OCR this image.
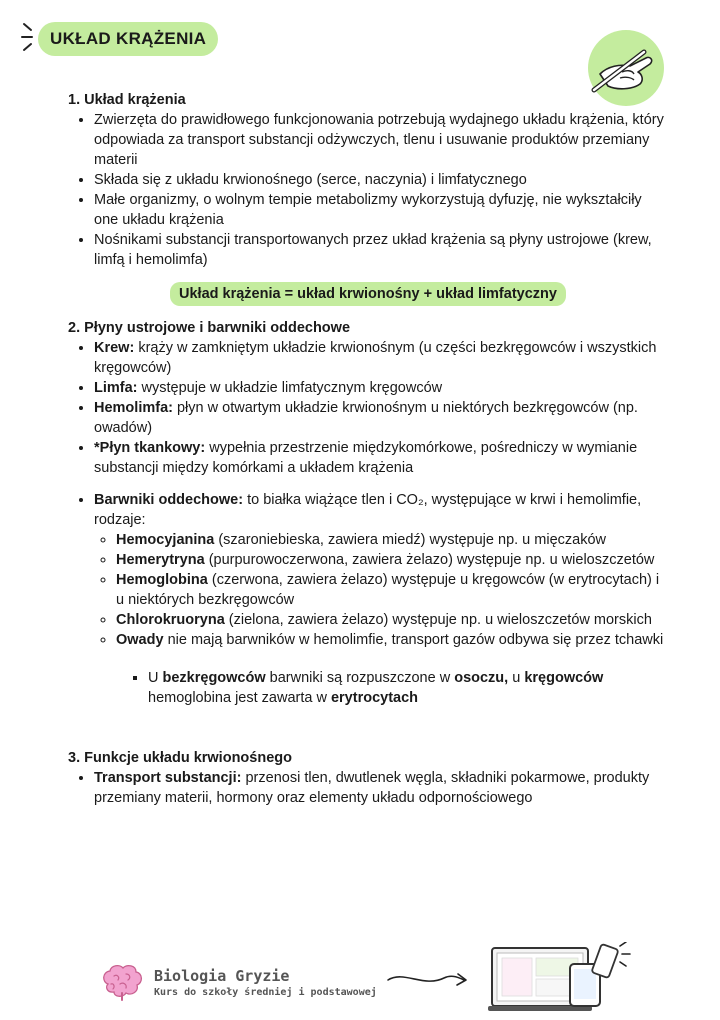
UKŁAD KRĄŻENIA

1. Układ krążenia

• Zwierzęta do prawidłowego funkcjonowania potrzebują wydajnego układu krążenia, który odpowiada za transport substancji odżywczych, tlenu i usuwanie produktów przemiany materii
• Składa się z układu krwionośnego (serce, naczynia) i limfatycznego
• Małe organizmy, o wolnym tempie metabolizmy wykorzystują dyfuzję, nie wykształciły one układu krążenia
• Nośnikami substancji transportowanych przez układ krążenia są płyny ustrojowe (krew, limfą i hemolimfa)
Układ krążenia = układ krwionośny + układ limfatyczny

2. Płyny ustrojowe i barwniki oddechowe

• Krew: krąży w zamkniętym układzie krwionośnym (u części bezkręgowców i wszystkich kręgowców)
• Limfa: występuje w układzie limfatycznym kręgowców
• Hemolimfa: płyn w otwartym układzie krwionośnym u niektórych bezkręgowców (np. owadów)
• *Płyn tkankowy: wypełnia przestrzenie międzykomórkowe, pośredniczy w wymianie substancji między komórkami a układem krążenia
• Barwniki oddechowe: to białka wiążące tlen i CO₂, występujące w krwi i hemolimfie, rodzaje:
◦ Hemocyjanina (szaroniebieska, zawiera miedź) występuje np. u mięczaków
◦ Hemerytryna (purpurowoczerwona, zawiera żelazo) występuje np. u wieloszczetów
◦ Hemoglobina (czerwona, zawiera żelazo) występuje u kręgowców (w erytrocytach) i u niektórych bezkręgowców
◦ Chlorokruoryna (zielona, zawiera żelazo) występuje np. u wieloszczetów morskich
◦ Owady nie mają barwników w hemolimfie, transport gazów odbywa się przez tchawki
▪ U bezkręgowców barwniki są rozpuszczone w osoczu, u kręgowców hemoglobina jest zawarta w erytrocytach

3. Funkcje układu krwionośnego

• Transport substancji: przenosi tlen, dwutlenek węgla, składniki pokarmowe, produkty przemiany materii, hormony oraz elementy układu odpornościowego
Biologia Gryzie
Kurs do szkoły średniej i podstawowej
